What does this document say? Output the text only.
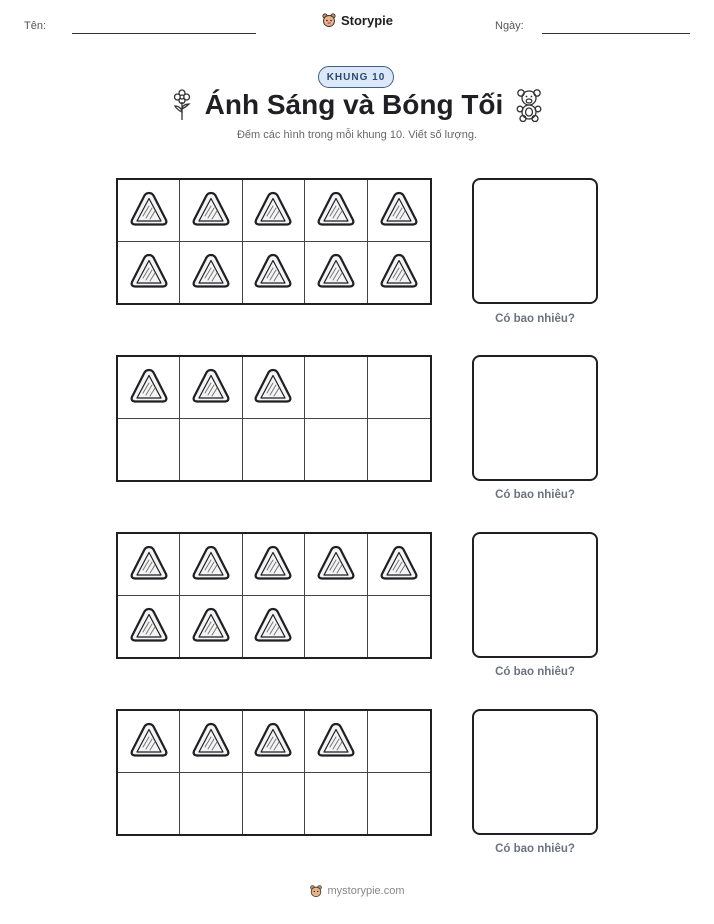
Tên:	Storypie	Ngày:
KHUNG 10
Ánh Sáng và Bóng Tối
Đếm các hình trong mỗi khung 10. Viết số lượng.
Có bao nhiêu?
Có bao nhiêu?
Có bao nhiêu?
Có bao nhiêu?
mystorypie.com
